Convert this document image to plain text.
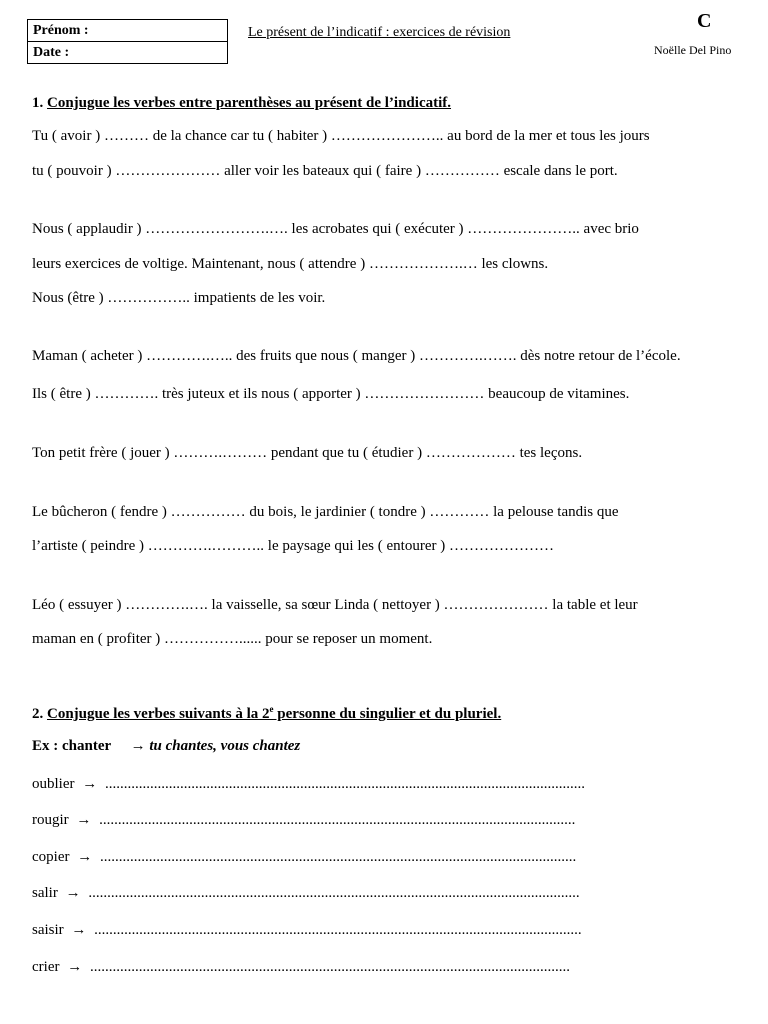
Prénom :
Date :
Le présent de l’indicatif : exercices de révision
C
Noëlle Del Pino
1. Conjugue les verbes entre parenthèses au présent de l’indicatif.
Tu ( avoir ) ……… de la chance car tu ( habiter ) ………………….. au bord de la mer et tous les jours
tu ( pouvoir ) ………………… aller voir les bateaux qui ( faire ) …………… escale dans le port.
Nous ( applaudir ) …………………….…. les acrobates qui ( exécuter ) ………………….. avec brio
leurs exercices de voltige. Maintenant, nous ( attendre ) ……………….… les clowns.
Nous (être ) …………….. impatients de les voir.
Maman ( acheter ) ………….….. des fruits que nous ( manger ) ………….……. dès notre retour de l’école.
Ils ( être ) …………. très juteux et ils nous ( apporter ) …………………… beaucoup de vitamines.
Ton petit frère ( jouer ) ……….……… pendant que tu ( étudier ) ……………… tes leçons.
Le bûcheron ( fendre ) …………… du bois, le jardinier ( tondre ) ………… la pelouse tandis que
l’artiste ( peindre ) ………….……….. le paysage qui les ( entourer ) …………………
Léo ( essuyer ) ………….…. la vaisselle, sa sœur Linda ( nettoyer ) ………………… la table et leur
maman en ( profiter ) ……………...... pour se reposer un moment.
2. Conjugue les verbes suivants à la 2e personne du singulier et du pluriel.
Ex : chanter → tu chantes, vous chantez
oublier → ................................................................................................................................
rougir → ...............................................................................................................................
copier → ...............................................................................................................................
salir → ...................................................................................................................................
saisir → ..................................................................................................................................
crier → ................................................................................................................................
